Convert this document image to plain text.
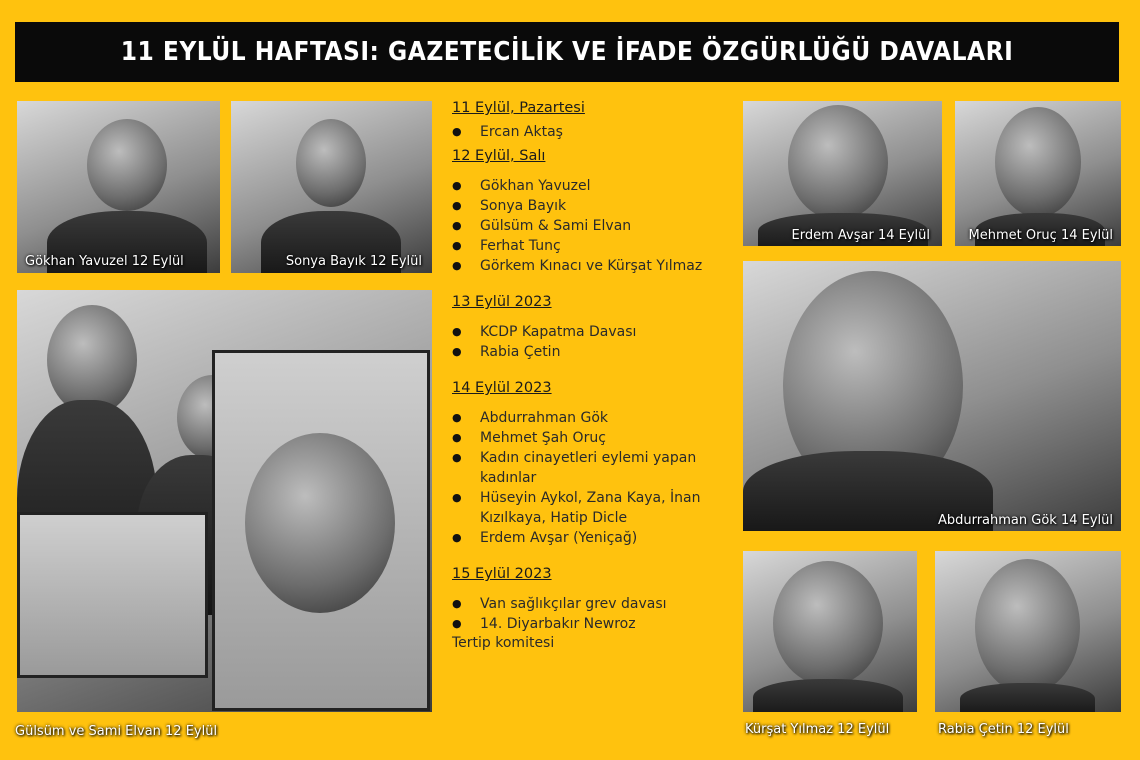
11 EYLÜL HAFTASI: GAZETECİLİK VE İFADE ÖZGÜRLÜĞÜ DAVALARI
Gökhan Yavuzel 12 Eylül	Sonya Bayık 12 Eylül
Gülsüm ve Sami Elvan 12 Eylül
11 Eylül, Pazartesi
● Ercan Aktaş
12 Eylül, Salı
● Gökhan Yavuzel
● Sonya Bayık
● Gülsüm & Sami Elvan
● Ferhat Tunç
● Görkem Kınacı ve Kürşat Yılmaz
13 Eylül 2023
● KCDP Kapatma Davası
● Rabia Çetin
14 Eylül 2023
● Abdurrahman Gök
● Mehmet Şah Oruç
● Kadın cinayetleri eylemi yapan kadınlar
● Hüseyin Aykol, Zana Kaya, İnan Kızılkaya, Hatip Dicle
● Erdem Avşar (Yeniçağ)
15 Eylül 2023
● Van sağlıkçılar grev davası
● 14. Diyarbakır Newroz
Tertip komitesi
Erdem Avşar 14 Eylül	Mehmet Oruç 14 Eylül
Abdurrahman Gök 14 Eylül
Kürşat Yılmaz 12 Eylül	Rabia Çetin 12 Eylül
